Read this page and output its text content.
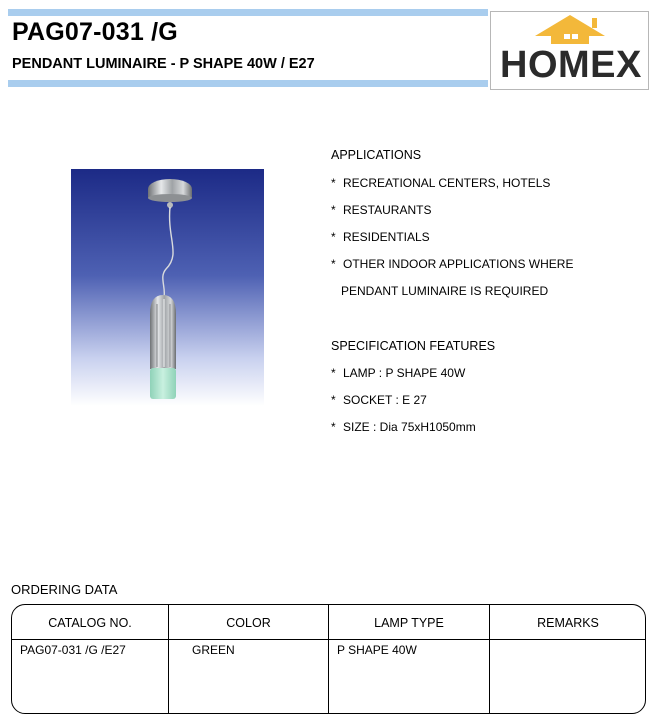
PAG07-031 /G
PENDANT LUMINAIRE - P SHAPE 40W / E27	HOMEX
APPLICATIONS
* RECREATIONAL CENTERS, HOTELS
* RESTAURANTS
* RESIDENTIALS
* OTHER INDOOR APPLICATIONS WHERE
PENDANT LUMINAIRE IS REQUIRED
SPECIFICATION FEATURES
* LAMP : P SHAPE 40W
* SOCKET : E 27
* SIZE : Dia 75xH1050mm
ORDERING DATA
CATALOG NO.	COLOR	LAMP TYPE	REMARKS
PAG07-031 /G /E27	GREEN	P SHAPE 40W
